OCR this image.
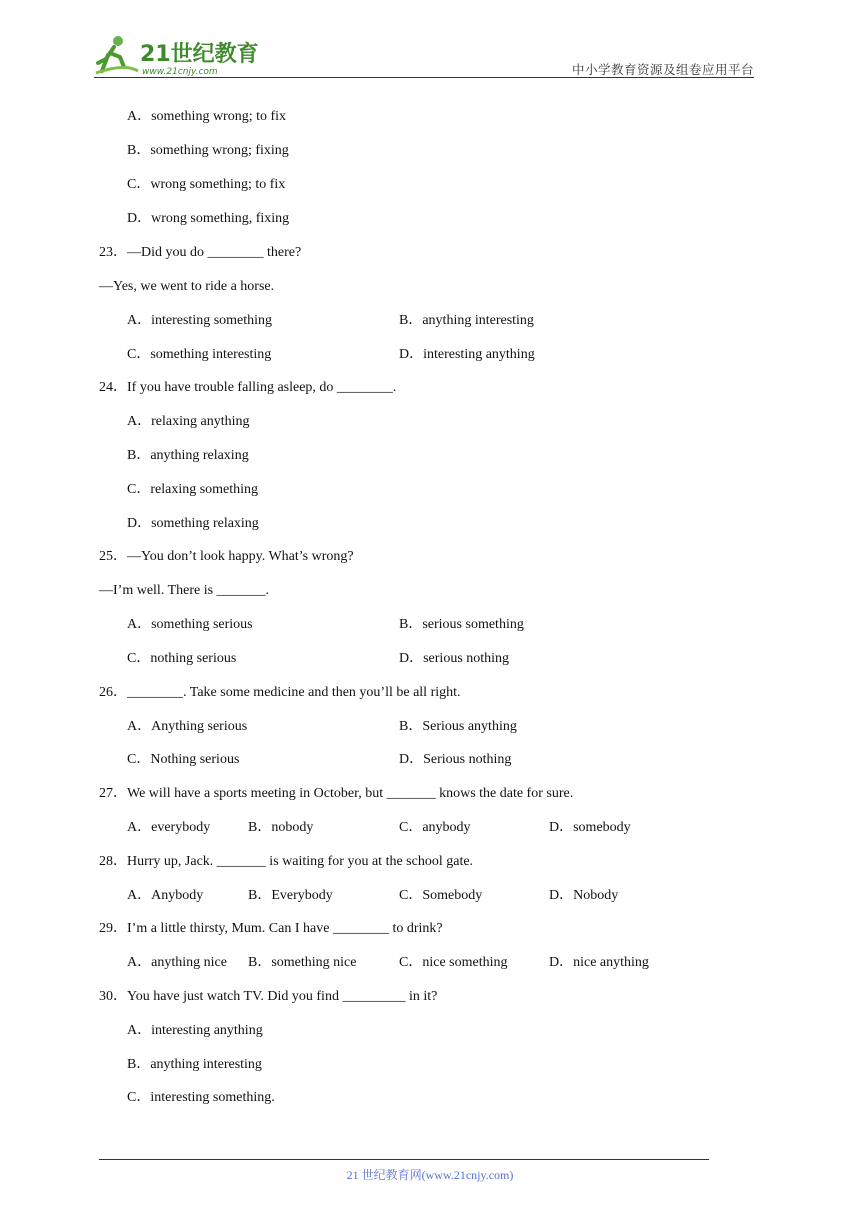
21世纪教育
www.21cnjy.com	中小学教育资源及组卷应用平台
A．something wrong; to fix
B．something wrong; fixing
C．wrong something; to fix
D．wrong something, fixing
23．—Did you do ________ there?
—Yes, we went to ride a horse.
A．interesting something	B．anything interesting
C．something interesting	D．interesting anything
24．If you have trouble falling asleep, do ________.
A．relaxing anything
B．anything relaxing
C．relaxing something
D．something relaxing
25．—You don’t look happy. What’s wrong?
—I’m well. There is _______.
A．something serious	B．serious something
C．nothing serious	D．serious nothing
26．________. Take some medicine and then you’ll be all right.
A．Anything serious	B．Serious anything
C．Nothing serious	D．Serious nothing
27．We will have a sports meeting in October, but _______ knows the date for sure.
A．everybody	B．nobody	C．anybody	D．somebody
28．Hurry up, Jack. _______ is waiting for you at the school gate.
A．Anybody	B．Everybody	C．Somebody	D．Nobody
29．I’m a little thirsty, Mum. Can I have ________ to drink?
A．anything nice B．something nice	C．nice something	D．nice anything
30．You have just watch TV. Did you find _________ in it?
A．interesting anything
B．anything interesting
C．interesting something.
21 世纪教育网(www.21cnjy.com)
